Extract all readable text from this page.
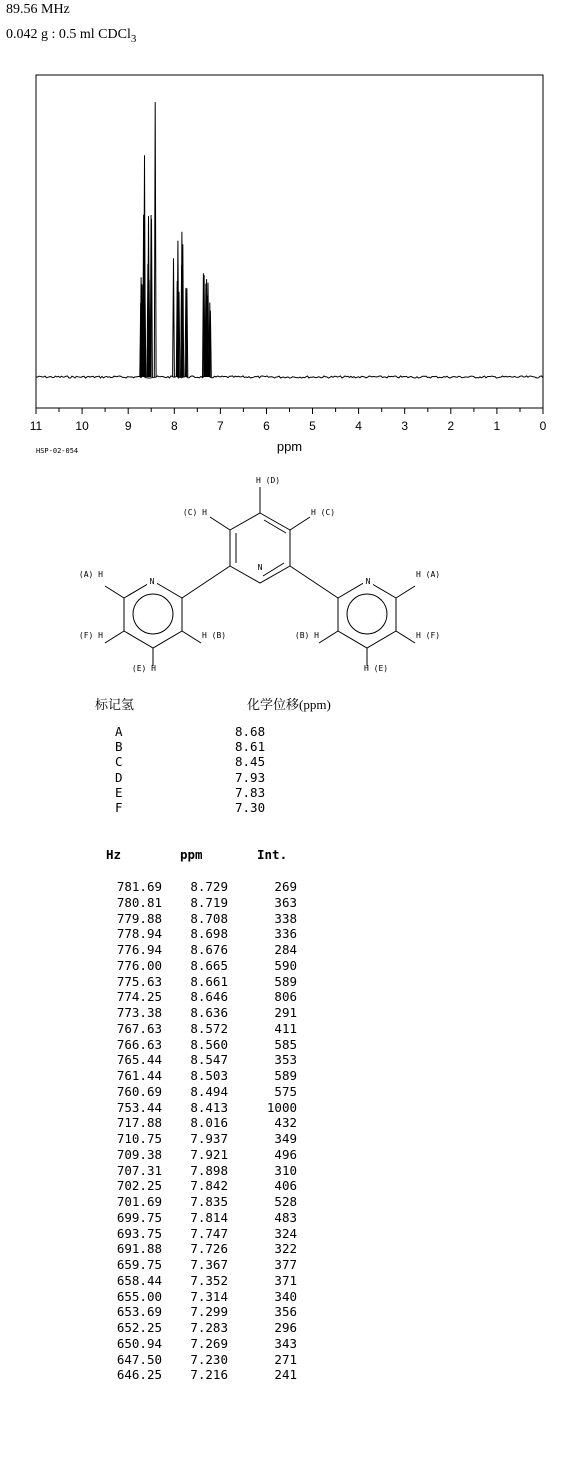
89.56 MHz
0.042 g : 0.5 ml CDCl$_3$
11	10	9	8	7	6	5	4	3	2	1	0
ppm
HSP-02-054
N
N	N
H (D)
(C) H	H (C)
(A) H	H (A)
(F) H	H (F)
H (B)	(B) H
(E) H	H (E)
标记氢	化学位移(ppm)
A	8.68
B	8.61
C	8.45
D	7.93
E	7.83
F	7.30
Hz	ppm	Int.
781.69	8.729	269
780.81	8.719	363
779.88	8.708	338
778.94	8.698	336
776.94	8.676	284
776.00	8.665	590
775.63	8.661	589
774.25	8.646	806
773.38	8.636	291
767.63	8.572	411
766.63	8.560	585
765.44	8.547	353
761.44	8.503	589
760.69	8.494	575
753.44	8.413	1000
717.88	8.016	432
710.75	7.937	349
709.38	7.921	496
707.31	7.898	310
702.25	7.842	406
701.69	7.835	528
699.75	7.814	483
693.75	7.747	324
691.88	7.726	322
659.75	7.367	377
658.44	7.352	371
655.00	7.314	340
653.69	7.299	356
652.25	7.283	296
650.94	7.269	343
647.50	7.230	271
646.25	7.216	241
